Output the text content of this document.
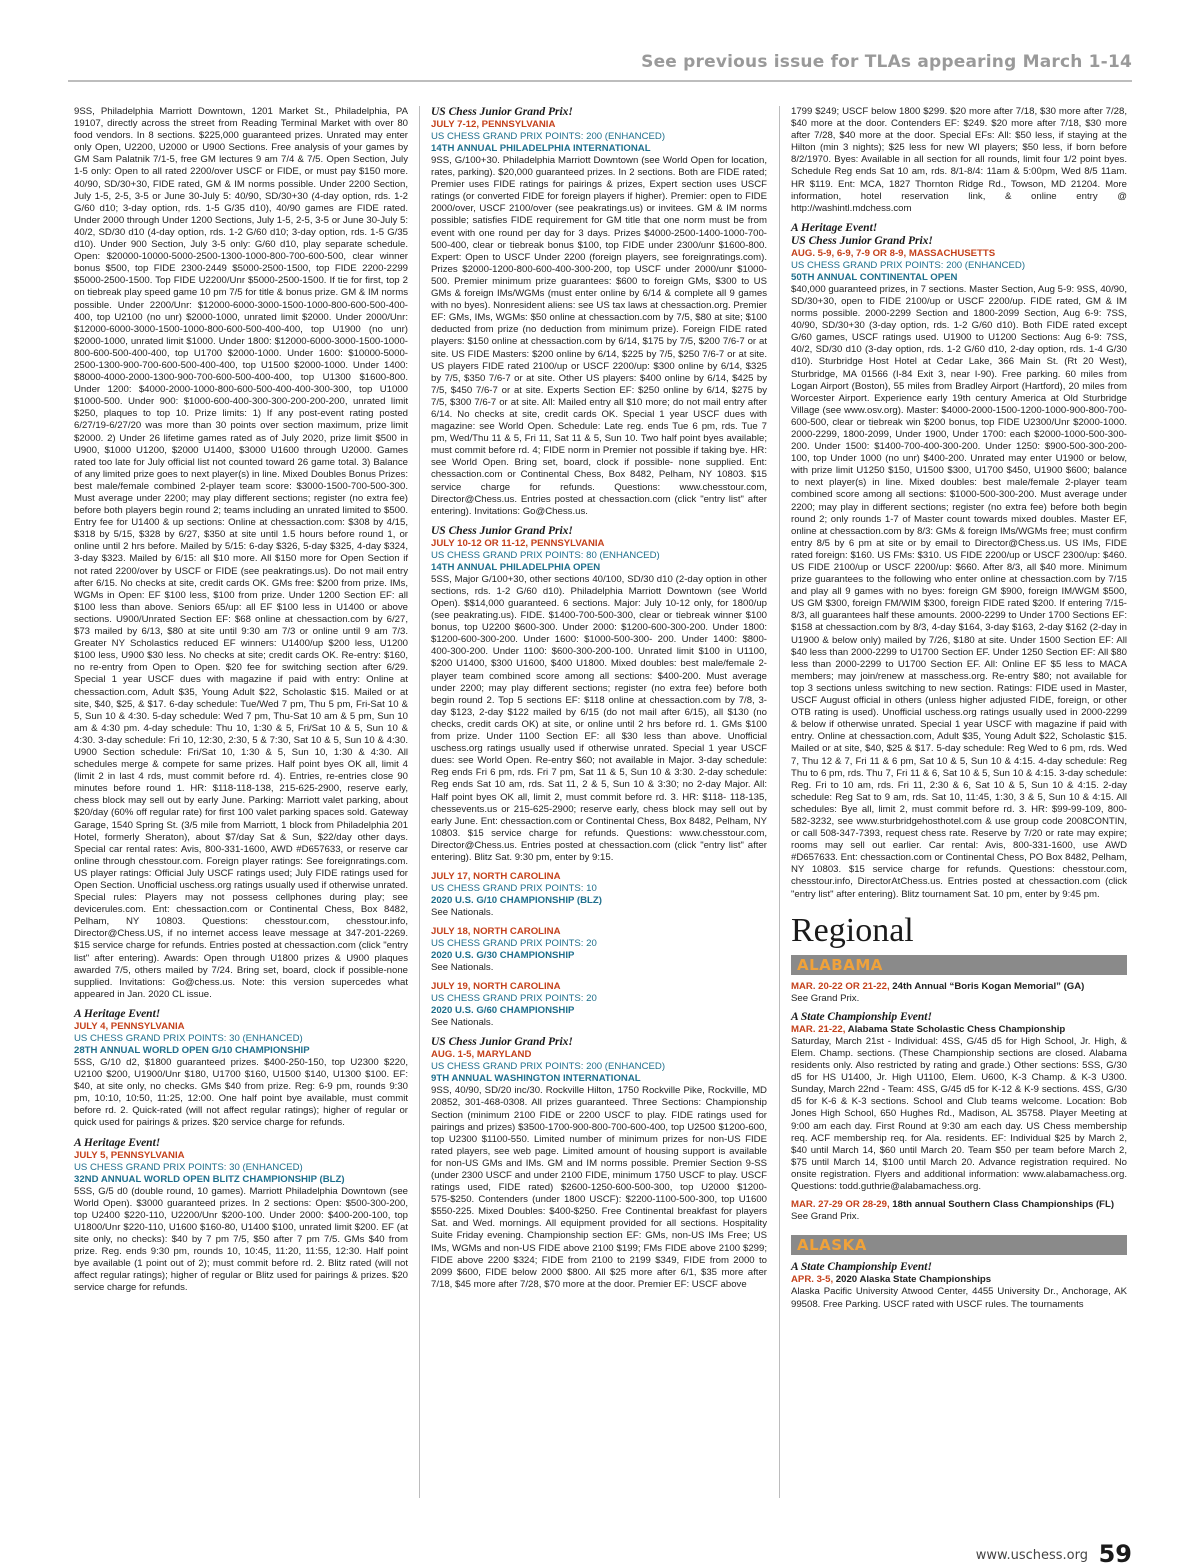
See previous issue for TLAs appearing March 1-14

9SS, Philadelphia Marriott Downtown, 1201 Market St., Philadelphia, PA 19107, directly across the street from Reading Terminal Market with over 80 food vendors. In 8 sections. $225,000 guaranteed prizes. Unrated may enter only Open, U2200, U2000 or U900 Sections. Free analysis of your games by GM Sam Palatnik 7/1-5, free GM lectures 9 am 7/4 & 7/5. Open Section, July 1-5 only: Open to all rated 2200/over USCF or FIDE, or must pay $150 more. 40/90, SD/30+30, FIDE rated, GM & IM norms possible. Under 2200 Section, July 1-5, 2-5, 3-5 or June 30-July 5: 40/90, SD/30+30 (4-day option, rds. 1-2 G/60 d10; 3-day option, rds. 1-5 G/35 d10), 40/90 games are FIDE rated. Under 2000 through Under 1200 Sections, July 1-5, 2-5, 3-5 or June 30-July 5: 40/2, SD/30 d10 (4-day option, rds. 1-2 G/60 d10; 3-day option, rds. 1-5 G/35 d10). Under 900 Section, July 3-5 only: G/60 d10, play separate schedule. Open: $20000-10000-5000-2500-1300-1000-800-700-600-500, clear winner bonus $500, top FIDE 2300-2449 $5000-2500-1500, top FIDE 2200-2299 $5000-2500-1500. Top FIDE U2200/Unr $5000-2500-1500. If tie for first, top 2 on tiebreak play speed game 10 pm 7/5 for title & bonus prize. GM & IM norms possible. Under 2200/Unr: $12000-6000-3000-1500-1000-800-600-500-400-400, top U2100 (no unr) $2000-1000, unrated limit $2000. Under 2000/Unr: $12000-6000-3000-1500-1000-800-600-500-400-400, top U1900 (no unr) $2000-1000, unrated limit $1000. Under 1800: $12000-6000-3000-1500-1000-800-600-500-400-400, top U1700 $2000-1000. Under 1600: $10000-5000-2500-1300-900-700-600-500-400-400, top U1500 $2000-1000. Under 1400: $8000-4000-2000-1300-900-700-600-500-400-400, top U1300 $1600-800. Under 1200: $4000-2000-1000-800-600-500-400-400-300-300, top U1000 $1000-500. Under 900: $1000-600-400-300-300-200-200-200, unrated limit $250, plaques to top 10. Prize limits: 1) If any post-event rating posted 6/27/19-6/27/20 was more than 30 points over section maximum, prize limit $2000. 2) Under 26 lifetime games rated as of July 2020, prize limit $500 in U900, $1000 U1200, $2000 U1400, $3000 U1600 through U2000. Games rated too late for July official list not counted toward 26 game total. 3) Balance of any limited prize goes to next player(s) in line. Mixed Doubles Bonus Prizes: best male/female combined 2-player team score: $3000-1500-700-500-300. Must average under 2200; may play different sections; register (no extra fee) before both players begin round 2; teams including an unrated limited to $500. Entry fee for U1400 & up sections: Online at chessaction.com: $308 by 4/15, $318 by 5/15, $328 by 6/27, $350 at site until 1.5 hours before round 1, or online until 2 hrs before. Mailed by 5/15: 6-day $326, 5-day $325, 4-day $324, 3-day $323. Mailed by 6/15: all $10 more. All $150 more for Open Section if not rated 2200/over by USCF or FIDE (see peakratings.us). Do not mail entry after 6/15. No checks at site, credit cards OK. GMs free: $200 from prize. IMs, WGMs in Open: EF $100 less, $100 from prize. Under 1200 Section EF: all $100 less than above. Seniors 65/up: all EF $100 less in U1400 or above sections. U900/Unrated Section EF: $68 online at chessaction.com by 6/27, $73 mailed by 6/13, $80 at site until 9:30 am 7/3 or online until 9 am 7/3. Greater NY Scholastics reduced EF winners: U1400/up $200 less, U1200 $100 less, U900 $30 less. No checks at site; credit cards OK. Re-entry: $160, no re-entry from Open to Open. $20 fee for switching section after 6/29. Special 1 year USCF dues with magazine if paid with entry: Online at chessaction.com, Adult $35, Young Adult $22, Scholastic $15. Mailed or at site, $40, $25, & $17. 6-day schedule: Tue/Wed 7 pm, Thu 5 pm, Fri-Sat 10 & 5, Sun 10 & 4:30. 5-day schedule: Wed 7 pm, Thu-Sat 10 am & 5 pm, Sun 10 am & 4:30 pm. 4-day schedule: Thu 10, 1:30 & 5, Fri/Sat 10 & 5, Sun 10 & 4:30. 3-day schedule: Fri 10, 12:30, 2:30, 5 & 7:30, Sat 10 & 5, Sun 10 & 4:30. U900 Section schedule: Fri/Sat 10, 1:30 & 5, Sun 10, 1:30 & 4:30. All schedules merge & compete for same prizes. Half point byes OK all, limit 4 (limit 2 in last 4 rds, must commit before rd. 4). Entries, re-entries close 90 minutes before round 1. HR: $118-118-138, 215-625-2900, reserve early, chess block may sell out by early June. Parking: Marriott valet parking, about $20/day (60% off regular rate) for first 100 valet parking spaces sold. Gateway Garage, 1540 Spring St. (3/5 mile from Marriott, 1 block from Philadelphia 201 Hotel, formerly Sheraton), about $7/day Sat & Sun, $22/day other days. Special car rental rates: Avis, 800-331-1600, AWD #D657633, or reserve car online through chesstour.com. Foreign player ratings: See foreignratings.com. US player ratings: Official July USCF ratings used; July FIDE ratings used for Open Section. Unofficial uschess.org ratings usually used if otherwise unrated. Special rules: Players may not possess cellphones during play; see devicerules.com. Ent: chessaction.com or Continental Chess, Box 8482, Pelham, NY 10803. Questions: chesstour.com, chesstour.info, Director@Chess.US, if no internet access leave message at 347-201-2269. $15 service charge for refunds. Entries posted at chessaction.com (click "entry list" after entering). Awards: Open through U1800 prizes & U900 plaques awarded 7/5, others mailed by 7/24. Bring set, board, clock if possible-none supplied. Invitations: Go@chess.us. Note: this version supercedes what appeared in Jan. 2020 CL issue.

A Heritage Event!
JULY 4, PENNSYLVANIA
US CHESS GRAND PRIX POINTS: 30 (ENHANCED)
28TH ANNUAL WORLD OPEN G/10 CHAMPIONSHIP

5SS, G/10 d2, $1800 guaranteed prizes. $400-250-150, top U2300 $220, U2100 $200, U1900/Unr $180, U1700 $160, U1500 $140, U1300 $100. EF: $40, at site only, no checks. GMs $40 from prize. Reg: 6-9 pm, rounds 9:30 pm, 10:10, 10:50, 11:25, 12:00. One half point bye available, must commit before rd. 2. Quick-rated (will not affect regular ratings); higher of regular or quick used for pairings & prizes. $20 service charge for refunds.

A Heritage Event!
JULY 5, PENNSYLVANIA
US CHESS GRAND PRIX POINTS: 30 (ENHANCED)
32ND ANNUAL WORLD OPEN BLITZ CHAMPIONSHIP (BLZ)

5SS, G/5 d0 (double round, 10 games). Marriott Philadelphia Downtown (see World Open). $3000 guaranteed prizes. In 2 sections: Open: $500-300-200, top U2400 $220-110, U2200/Unr $200-100. Under 2000: $400-200-100, top U1800/Unr $220-110, U1600 $160-80, U1400 $100, unrated limit $200. EF (at site only, no checks): $40 by 7 pm 7/5, $50 after 7 pm 7/5. GMs $40 from prize. Reg. ends 9:30 pm, rounds 10, 10:45, 11:20, 11:55, 12:30. Half point bye available (1 point out of 2); must commit before rd. 2. Blitz rated (will not affect regular ratings); higher of regular or Blitz used for pairings & prizes. $20 service charge for refunds.

US Chess Junior Grand Prix!
JULY 7-12, PENNSYLVANIA
US CHESS GRAND PRIX POINTS: 200 (ENHANCED)
14TH ANNUAL PHILADELPHIA INTERNATIONAL

9SS, G/100+30. Philadelphia Marriott Downtown (see World Open for location, rates, parking). $20,000 guaranteed prizes. In 2 sections. Both are FIDE rated; Premier uses FIDE ratings for pairings & prizes, Expert section uses USCF ratings (or converted FIDE for foreign players if higher). Premier: open to FIDE 2000/over, USCF 2100/over (see peakratings.us) or invitees. GM & IM norms possible; satisfies FIDE requirement for GM title that one norm must be from event with one round per day for 3 days. Prizes $4000-2500-1400-1000-700-500-400, clear or tiebreak bonus $100, top FIDE under 2300/unr $1600-800. Expert: Open to USCF Under 2200 (foreign players, see foreignratings.com). Prizes $2000-1200-800-600-400-300-200, top USCF under 2000/unr $1000-500. Premier minimum prize guarantees: $600 to foreign GMs, $300 to US GMs & foreign IMs/WGMs (must enter online by 6/14 & complete all 9 games with no byes). Nonresident aliens: see US tax laws at chessaction.org. Premier EF: GMs, IMs, WGMs: $50 online at chessaction.com by 7/5, $80 at site; $100 deducted from prize (no deduction from minimum prize). Foreign FIDE rated players: $150 online at chessaction.com by 6/14, $175 by 7/5, $200 7/6-7 or at site. US FIDE Masters: $200 online by 6/14, $225 by 7/5, $250 7/6-7 or at site. US players FIDE rated 2100/up or USCF 2200/up: $300 online by 6/14, $325 by 7/5, $350 7/6-7 or at site. Other US players: $400 online by 6/14, $425 by 7/5, $450 7/6-7 or at site. Experts Section EF: $250 online by 6/14, $275 by 7/5, $300 7/6-7 or at site. All: Mailed entry all $10 more; do not mail entry after 6/14. No checks at site, credit cards OK. Special 1 year USCF dues with magazine: see World Open. Schedule: Late reg. ends Tue 6 pm, rds. Tue 7 pm, Wed/Thu 11 & 5, Fri 11, Sat 11 & 5, Sun 10. Two half point byes available; must commit before rd. 4; FIDE norm in Premier not possible if taking bye. HR: see World Open. Bring set, board, clock if possible- none supplied. Ent: chessaction.com or Continental Chess, Box 8482, Pelham, NY 10803. $15 service charge for refunds. Questions: www.chesstour.com, Director@Chess.us. Entries posted at chessaction.com (click "entry list" after entering). Invitations: Go@Chess.us.

US Chess Junior Grand Prix!
JULY 10-12 OR 11-12, PENNSYLVANIA
US CHESS GRAND PRIX POINTS: 80 (ENHANCED)
14TH ANNUAL PHILADELPHIA OPEN

5SS, Major G/100+30, other sections 40/100, SD/30 d10 (2-day option in other sections, rds. 1-2 G/60 d10). Philadelphia Marriott Downtown (see World Open). $$14,000 guaranteed. 6 sections. Major: July 10-12 only, for 1800/up (see peakrating.us). FIDE. $1400-700-500-300, clear or tiebreak winner $100 bonus, top U2200 $600-300. Under 2000: $1200-600-300-200. Under 1800: $1200-600-300-200. Under 1600: $1000-500-300- 200. Under 1400: $800-400-300-200. Under 1100: $600-300-200-100. Unrated limit $100 in U1100, $200 U1400, $300 U1600, $400 U1800. Mixed doubles: best male/female 2-player team combined score among all sections: $400-200. Must average under 2200; may play different sections; register (no extra fee) before both begin round 2. Top 5 sections EF: $118 online at chessaction.com by 7/8, 3-day $123, 2-day $122 mailed by 6/15 (do not mail after 6/15), all $130 (no checks, credit cards OK) at site, or online until 2 hrs before rd. 1. GMs $100 from prize. Under 1100 Section EF: all $30 less than above. Unofficial uschess.org ratings usually used if otherwise unrated. Special 1 year USCF dues: see World Open. Re-entry $60; not available in Major. 3-day schedule: Reg ends Fri 6 pm, rds. Fri 7 pm, Sat 11 & 5, Sun 10 & 3:30. 2-day schedule: Reg ends Sat 10 am, rds. Sat 11, 2 & 5, Sun 10 & 3:30; no 2-day Major. All: Half point byes OK all, limit 2, must commit before rd. 3. HR: $118- 118-135, chessevents.us or 215-625-2900; reserve early, chess block may sell out by early June. Ent: chessaction.com or Continental Chess, Box 8482, Pelham, NY 10803. $15 service charge for refunds. Questions: www.chesstour.com, Director@Chess.us. Entries posted at chessaction.com (click "entry list" after entering). Blitz Sat. 9:30 pm, enter by 9:15.

JULY 17, NORTH CAROLINA
US CHESS GRAND PRIX POINTS: 10
2020 U.S. G/10 CHAMPIONSHIP (BLZ)

See Nationals.

JULY 18, NORTH CAROLINA
US CHESS GRAND PRIX POINTS: 20
2020 U.S. G/30 CHAMPIONSHIP

See Nationals.

JULY 19, NORTH CAROLINA
US CHESS GRAND PRIX POINTS: 20
2020 U.S. G/60 CHAMPIONSHIP

See Nationals.

US Chess Junior Grand Prix!
AUG. 1-5, MARYLAND
US CHESS GRAND PRIX POINTS: 200 (ENHANCED)
9TH ANNUAL WASHINGTON INTERNATIONAL

9SS, 40/90, SD/20 inc/30. Rockville Hilton, 1750 Rockville Pike, Rockville, MD 20852, 301-468-0308. All prizes guaranteed. Three Sections: Championship Section (minimum 2100 FIDE or 2200 USCF to play. FIDE ratings used for pairings and prizes) $3500-1700-900-800-700-600-400, top U2500 $1200-600, top U2300 $1100-550. Limited number of minimum prizes for non-US FIDE rated players, see web page. Limited amount of housing support is available for non-US GMs and IMs. GM and IM norms possible. Premier Section 9-SS (under 2300 USCF and under 2100 FIDE, minimum 1750 USCF to play. USCF ratings used, FIDE rated) $2600-1250-600-500-300, top U2000 $1200-575-$250. Contenders (under 1800 USCF): $2200-1100-500-300, top U1600 $550-225. Mixed Doubles: $400-$250. Free Continental breakfast for players Sat. and Wed. mornings. All equipment provided for all sections. Hospitality Suite Friday evening. Championship section EF: GMs, non-US IMs Free; US IMs, WGMs and non-US FIDE above 2100 $199; FMs FIDE above 2100 $299; FIDE above 2200 $324; FIDE from 2100 to 2199 $349, FIDE from 2000 to 2099 $600, FIDE below 2000 $800. All $25 more after 6/1, $35 more after 7/18, $45 more after 7/28, $70 more at the door. Premier EF: USCF above

1799 $249; USCF below 1800 $299. $20 more after 7/18, $30 more after 7/28, $40 more at the door. Contenders EF: $249. $20 more after 7/18, $30 more after 7/28, $40 more at the door. Special EFs: All: $50 less, if staying at the Hilton (min 3 nights); $25 less for new WI players; $50 less, if born before 8/2/1970. Byes: Available in all section for all rounds, limit four 1/2 point byes. Schedule Reg ends Sat 10 am, rds. 8/1-8/4: 11am & 5:00pm, Wed 8/5 11am. HR $119. Ent: MCA, 1827 Thornton Ridge Rd., Towson, MD 21204. More information, hotel reservation link, & online entry @ http://washintl.mdchess.com

A Heritage Event!
US Chess Junior Grand Prix!
AUG. 5-9, 6-9, 7-9 OR 8-9, MASSACHUSETTS
US CHESS GRAND PRIX POINTS: 200 (ENHANCED)
50TH ANNUAL CONTINENTAL OPEN

$40,000 guaranteed prizes, in 7 sections. Master Section, Aug 5-9: 9SS, 40/90, SD/30+30, open to FIDE 2100/up or USCF 2200/up. FIDE rated, GM & IM norms possible. 2000-2299 Section and 1800-2099 Section, Aug 6-9: 7SS, 40/90, SD/30+30 (3-day option, rds. 1-2 G/60 d10). Both FIDE rated except G/60 games, USCF ratings used. U1900 to U1200 Sections: Aug 6-9: 7SS, 40/2, SD/30 d10 (3-day option, rds. 1-2 G/60 d10, 2-day option, rds. 1-4 G/30 d10). Sturbridge Host Hotel at Cedar Lake, 366 Main St. (Rt 20 West), Sturbridge, MA 01566 (I-84 Exit 3, near I-90). Free parking. 60 miles from Logan Airport (Boston), 55 miles from Bradley Airport (Hartford), 20 miles from Worcester Airport. Experience early 19th century America at Old Sturbridge Village (see www.osv.org). Master: $4000-2000-1500-1200-1000-900-800-700-600-500, clear or tiebreak win $200 bonus, top FIDE U2300/Unr $2000-1000. 2000-2299, 1800-2099, Under 1900, Under 1700: each $2000-1000-500-300-200. Under 1500: $1400-700-400-300-200. Under 1250: $900-500-300-200-100, top Under 1000 (no unr) $400-200. Unrated may enter U1900 or below, with prize limit U1250 $150, U1500 $300, U1700 $450, U1900 $600; balance to next player(s) in line. Mixed doubles: best male/female 2-player team combined score among all sections: $1000-500-300-200. Must average under 2200; may play in different sections; register (no extra fee) before both begin round 2; only rounds 1-7 of Master count towards mixed doubles. Master EF, online at chessaction.com by 8/3: GMs & foreign IMs/WGMs free; must confirm entry 8/5 by 6 pm at site or by email to Director@Chess.us. US IMs, FIDE rated foreign: $160. US FMs: $310. US FIDE 2200/up or USCF 2300/up: $460. US FIDE 2100/up or USCF 2200/up: $660. After 8/3, all $40 more. Minimum prize guarantees to the following who enter online at chessaction.com by 7/15 and play all 9 games with no byes: foreign GM $900, foreign IM/WGM $500, US GM $300, foreign FM/WIM $300, foreign FIDE rated $200. If entering 7/15-8/3, all guarantees half these amounts. 2000-2299 to Under 1700 Sections EF: $158 at chessaction.com by 8/3, 4-day $164, 3-day $163, 2-day $162 (2-day in U1900 & below only) mailed by 7/26, $180 at site. Under 1500 Section EF: All $40 less than 2000-2299 to U1700 Section EF. Under 1250 Section EF: All $80 less than 2000-2299 to U1700 Section EF. All: Online EF $5 less to MACA members; may join/renew at masschess.org. Re-entry $80; not available for top 3 sections unless switching to new section. Ratings: FIDE used in Master, USCF August official in others (unless higher adjusted FIDE, foreign, or other OTB rating is used). Unofficial uschess.org ratings usually used in 2000-2299 & below if otherwise unrated. Special 1 year USCF with magazine if paid with entry. Online at chessaction.com, Adult $35, Young Adult $22, Scholastic $15. Mailed or at site, $40, $25 & $17. 5-day schedule: Reg Wed to 6 pm, rds. Wed 7, Thu 12 & 7, Fri 11 & 6 pm, Sat 10 & 5, Sun 10 & 4:15. 4-day schedule: Reg Thu to 6 pm, rds. Thu 7, Fri 11 & 6, Sat 10 & 5, Sun 10 & 4:15. 3-day schedule: Reg. Fri to 10 am, rds. Fri 11, 2:30 & 6, Sat 10 & 5, Sun 10 & 4:15. 2-day schedule: Reg Sat to 9 am, rds. Sat 10, 11:45, 1:30, 3 & 5, Sun 10 & 4:15. All schedules: Bye all, limit 2, must commit before rd. 3. HR: $99-99-109, 800-582-3232, see www.sturbridgehosthotel.com & use group code 2008CONTIN, or call 508-347-7393, request chess rate. Reserve by 7/20 or rate may expire; rooms may sell out earlier. Car rental: Avis, 800-331-1600, use AWD #D657633. Ent: chessaction.com or Continental Chess, PO Box 8482, Pelham, NY 10803. $15 service charge for refunds. Questions: chesstour.com, chesstour.info, DirectorAtChess.us. Entries posted at chessaction.com (click "entry list" after entering). Blitz tournament Sat. 10 pm, enter by 9:45 pm.

Regional
ALABAMA

MAR. 20-22 OR 21-22, 24th Annual “Boris Kogan Memorial” (GA)

See Grand Prix.

A State Championship Event!

MAR. 21-22, Alabama State Scholastic Chess Championship

Saturday, March 21st - Individual: 4SS, G/45 d5 for High School, Jr. High, & Elem. Champ. sections. (These Championship sections are closed. Alabama residents only. Also restricted by rating and grade.) Other sections: 5SS, G/30 d5 for HS U1400, Jr. High U1100, Elem. U600, K-3 Champ. & K-3 U300. Sunday, March 22nd - Team: 4SS, G/45 d5 for K-12 & K-9 sections. 4SS, G/30 d5 for K-6 & K-3 sections. School and Club teams welcome. Location: Bob Jones High School, 650 Hughes Rd., Madison, AL 35758. Player Meeting at 9:00 am each day. First Round at 9:30 am each day. US Chess membership req. ACF membership req. for Ala. residents. EF: Individual $25 by March 2, $40 until March 14, $60 until March 20. Team $50 per team before March 2, $75 until March 14, $100 until March 20. Advance registration required. No onsite registration. Flyers and additional information: www.alabamachess.org. Questions: todd.guthrie@alabamachess.org.

MAR. 27-29 OR 28-29, 18th annual Southern Class Championships (FL)

See Grand Prix.

ALASKA
A State Championship Event!

APR. 3-5, 2020 Alaska State Championships

Alaska Pacific University Atwood Center, 4455 University Dr., Anchorage, AK 99508. Free Parking. USCF rated with USCF rules. The tournaments

www.uschess.org 59
